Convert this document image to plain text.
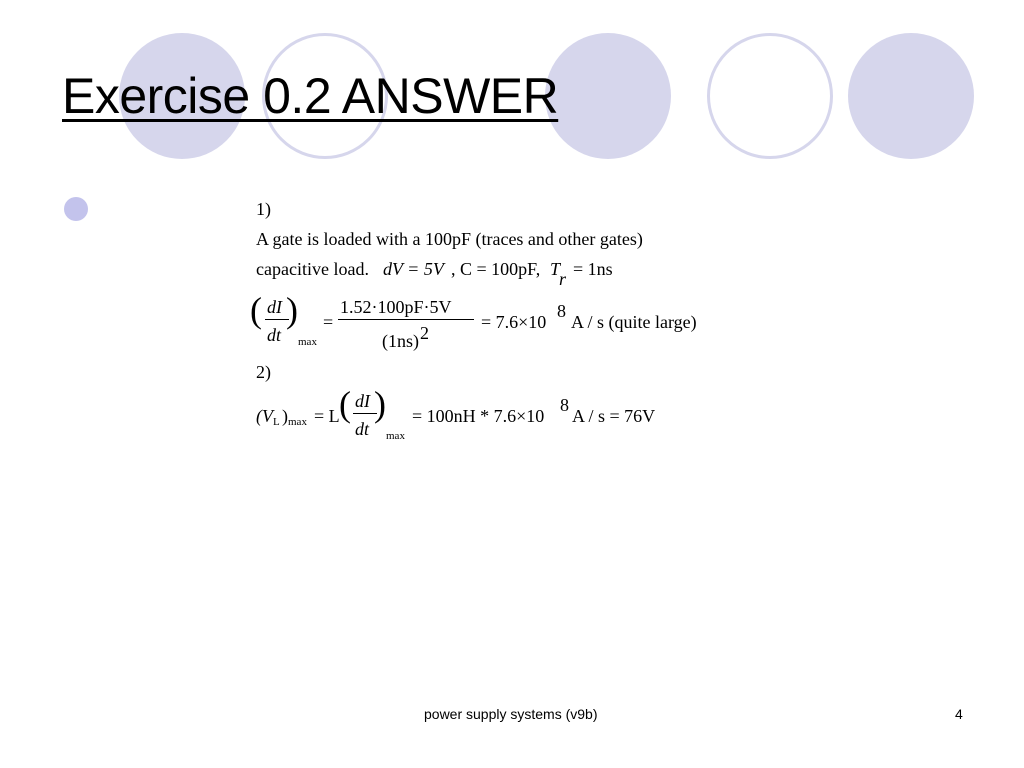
Exercise 0.2 ANSWER
1)
A gate is loaded with a 100pF (traces and other gates)
capacitive load. dV = 5V , C = 100pF, T
r = 1ns
( dI
dt
)
max
=
1.52·100pF·5V
(1ns) 2
= 7.6×10
8
A / s (quite large)
2)
(V L ) max = L ( dI
dt
)
max
= 100nH * 7.6×10
8
A / s = 76V
power supply systems (v9b)	4
